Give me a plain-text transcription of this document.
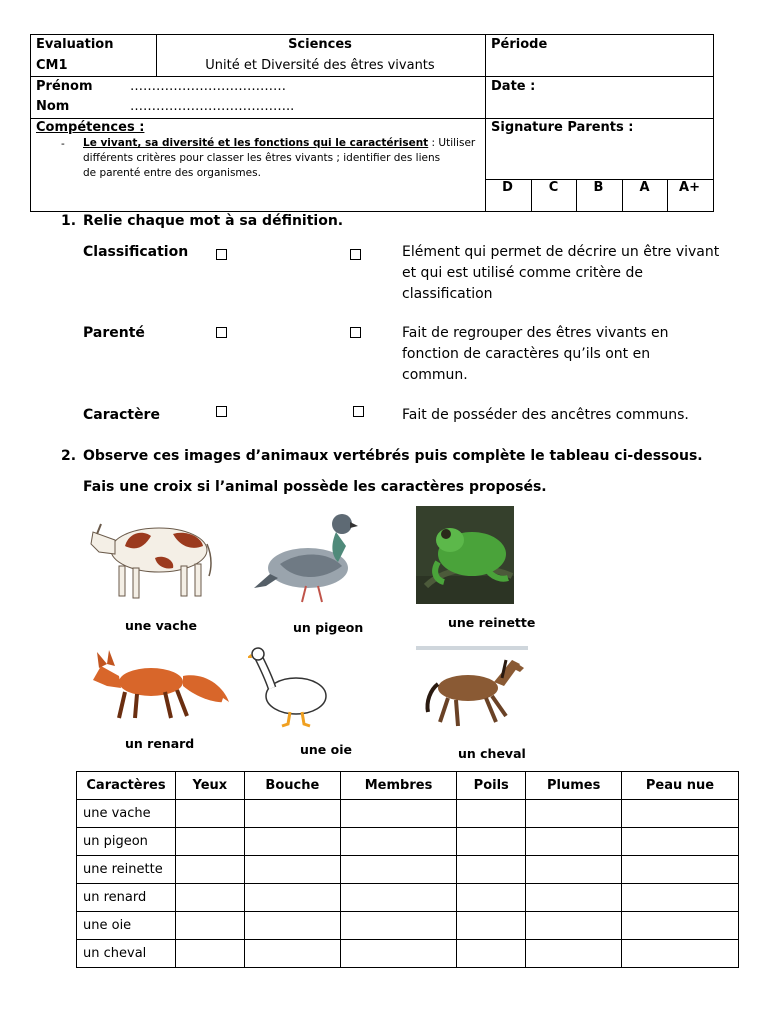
Evaluation
CM1
Sciences
Unité et Diversité des êtres vivants
Période
Prénom	………………………………
Nom	………………………………..
Date :
Compétences :
- Le vivant, sa diversité et les fonctions qui le caractérisent : Utiliser
différents critères pour classer les êtres vivants ; identifier des liens
de parenté entre des organismes.
Signature Parents :
D	C	B	A	A+
1. Relie chaque mot à sa définition.
Classification
Parenté
Caractère
Elément qui permet de décrire un être vivant
et qui est utilisé comme critère de
classification
Fait de regrouper des êtres vivants en
fonction de caractères qu’ils ont en
commun.
Fait de posséder des ancêtres communs.
2. Observe ces images d’animaux vertébrés puis complète le tableau ci-dessous.
Fais une croix si l’animal possède les caractères proposés.
une vache	un pigeon	une reinette
un renard	une oie	un cheval
Caractères	Yeux	Bouche	Membres	Poils	Plumes	Peau nue
une vache						
un pigeon						
une reinette						
un renard						
une oie						
un cheval						
